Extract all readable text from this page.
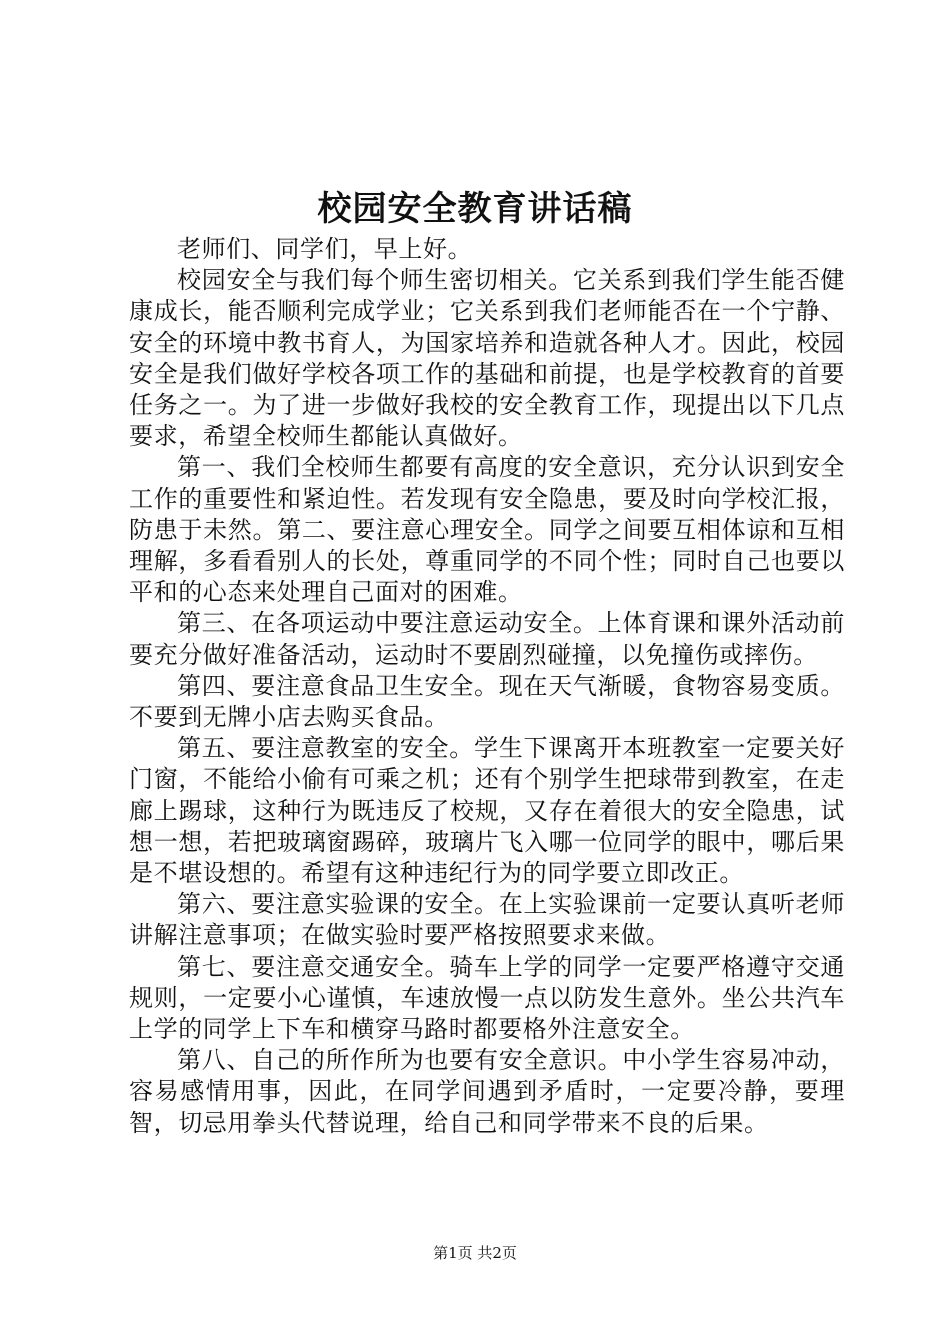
校园安全教育讲话稿

老师们、同学们，早上好。

校园安全与我们每个师生密切相关。它关系到我们学生能否健康成长，能否顺利完成学业；它关系到我们老师能否在一个宁静、安全的环境中教书育人，为国家培养和造就各种人才。因此，校园安全是我们做好学校各项工作的基础和前提，也是学校教育的首要任务之一。为了进一步做好我校的安全教育工作，现提出以下几点要求，希望全校师生都能认真做好。

第一、我们全校师生都要有高度的安全意识，充分认识到安全工作的重要性和紧迫性。若发现有安全隐患，要及时向学校汇报，防患于未然。第二、要注意心理安全。同学之间要互相体谅和互相理解，多看看别人的长处，尊重同学的不同个性；同时自己也要以平和的心态来处理自己面对的困难。

第三、在各项运动中要注意运动安全。上体育课和课外活动前要充分做好准备活动，运动时不要剧烈碰撞，以免撞伤或摔伤。

第四、要注意食品卫生安全。现在天气渐暖，食物容易变质。不要到无牌小店去购买食品。

第五、要注意教室的安全。学生下课离开本班教室一定要关好门窗，不能给小偷有可乘之机；还有个别学生把球带到教室，在走廊上踢球，这种行为既违反了校规，又存在着很大的安全隐患，试想一想，若把玻璃窗踢碎，玻璃片飞入哪一位同学的眼中，哪后果是不堪设想的。希望有这种违纪行为的同学要立即改正。

第六、要注意实验课的安全。在上实验课前一定要认真听老师讲解注意事项；在做实验时要严格按照要求来做。

第七、要注意交通安全。骑车上学的同学一定要严格遵守交通规则，一定要小心谨慎，车速放慢一点以防发生意外。坐公共汽车上学的同学上下车和横穿马路时都要格外注意安全。

第八、自己的所作所为也要有安全意识。中小学生容易冲动，容易感情用事，因此，在同学间遇到矛盾时，一定要冷静，要理智，切忌用拳头代替说理，给自己和同学带来不良的后果。

第1页 共2页
